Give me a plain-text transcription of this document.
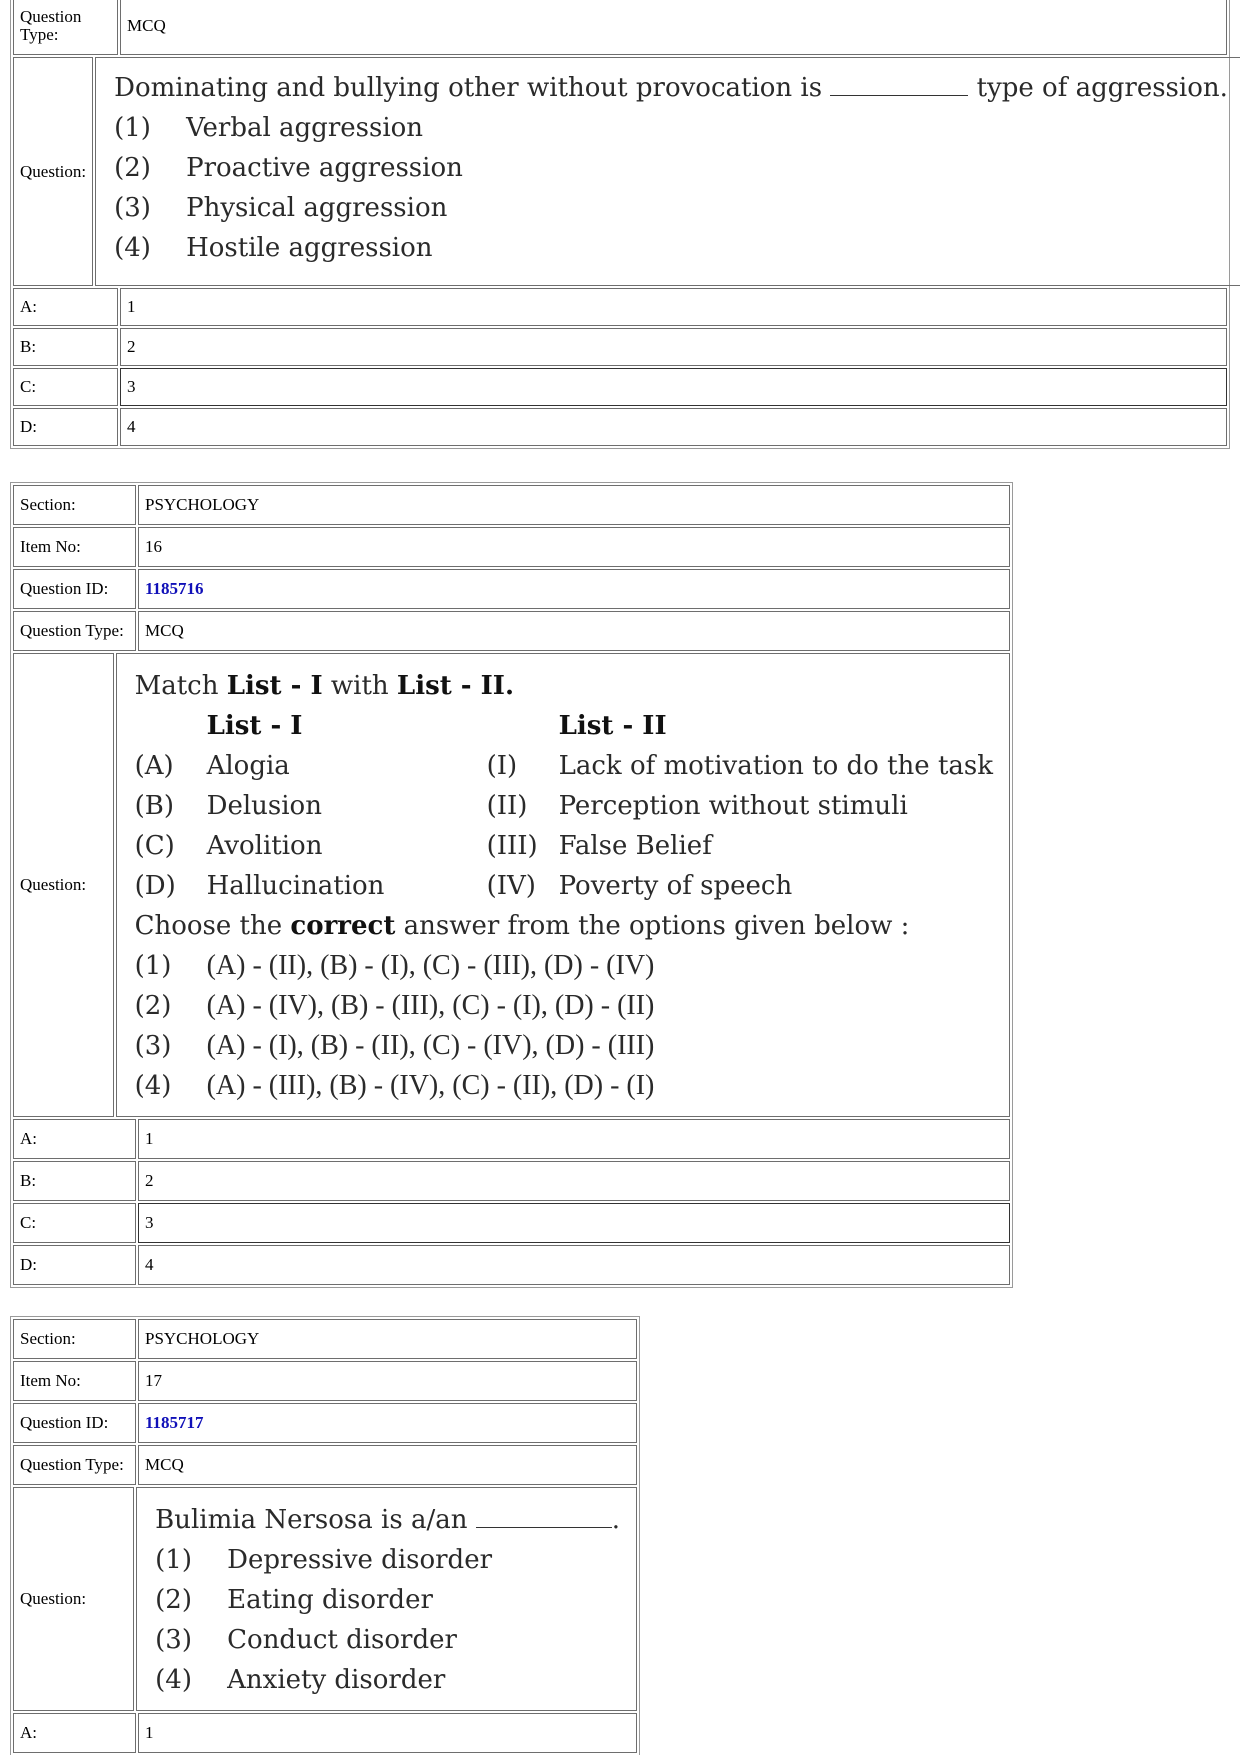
Question Type:	MCQ
Question:
Dominating and bullying other without provocation is	type of aggression.
(1) Verbal aggression
(2) Proactive aggression
(3) Physical aggression
(4) Hostile aggression
A:	1
B:	2
C:	3
D:	4
Section:	PSYCHOLOGY
Item No:	16
Question ID:	1185716
Question Type:	MCQ
Question:
Match List - I with List - II.
List - I	List - II
(A)	Alogia	(I)	Lack of motivation to do the task
(B)	Delusion	(II)	Perception without stimuli
(C)	Avolition	(III) False Belief
(D)	Hallucination	(IV) Poverty of speech
Choose the correct answer from the options given below :
(1) (A) - (II), (B) - (I), (C) - (III), (D) - (IV)
(2) (A) - (IV), (B) - (III), (C) - (I), (D) - (II)
(3) (A) - (I), (B) - (II), (C) - (IV), (D) - (III)
(4) (A) - (III), (B) - (IV), (C) - (II), (D) - (I)
A:	1
B:	2
C:	3
D:	4
Section:	PSYCHOLOGY
Item No:	17
Question ID:	1185717
Question Type:	MCQ
Question:
Bulimia Nersosa is a/an	.
(1) Depressive disorder
(2) Eating disorder
(3) Conduct disorder
(4) Anxiety disorder
A:	1
